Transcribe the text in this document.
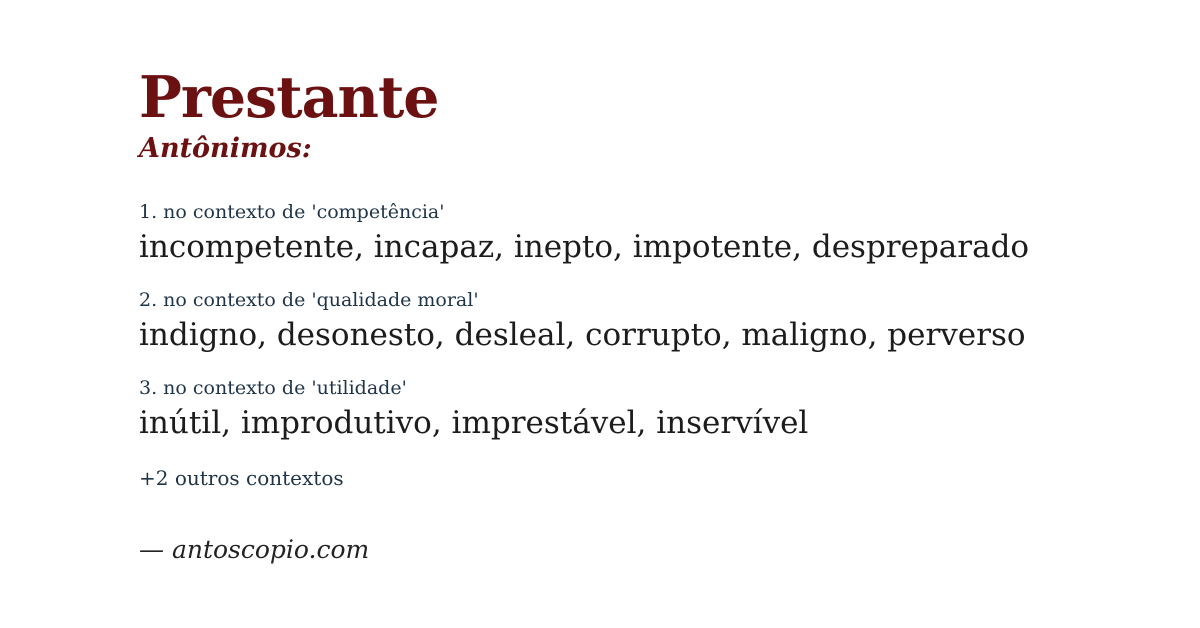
Prestante
Antônimos:
1. no contexto de 'competência'
incompetente, incapaz, inepto, impotente, despreparado
2. no contexto de 'qualidade moral'
indigno, desonesto, desleal, corrupto, maligno, perverso
3. no contexto de 'utilidade'
inútil, improdutivo, imprestável, inservível
+2 outros contextos
— antoscopio.com
